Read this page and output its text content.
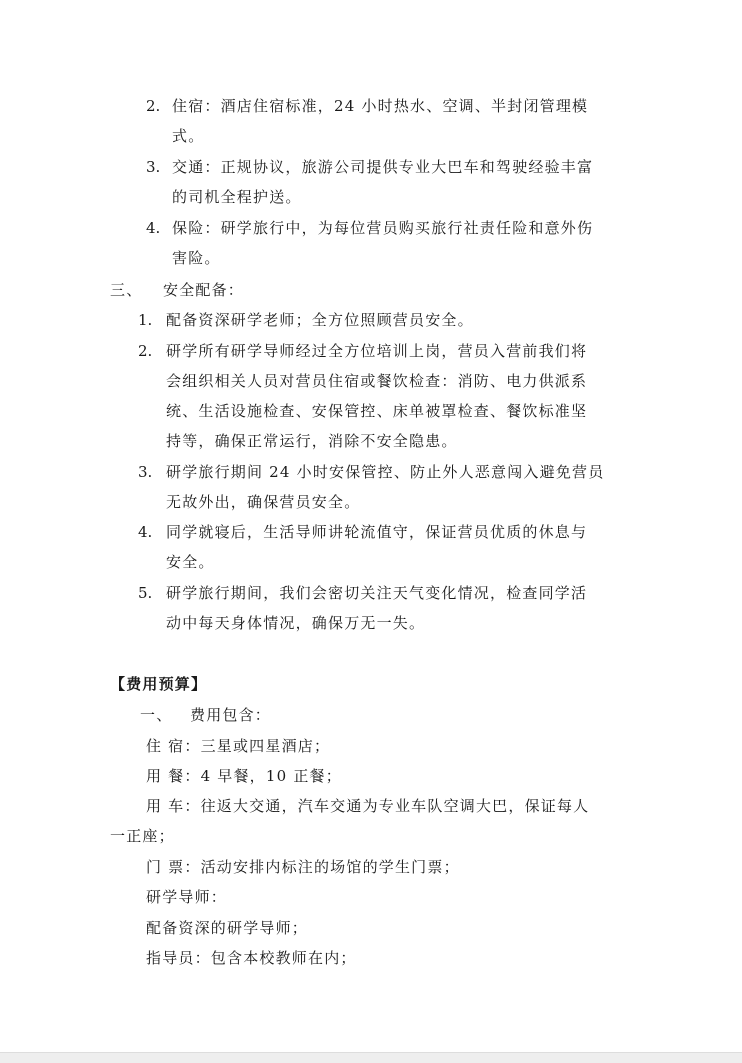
2. 住宿：酒店住宿标准，24 小时热水、空调、半封闭管理模
式。
3. 交通：正规协议，旅游公司提供专业大巴车和驾驶经验丰富
的司机全程护送。
4. 保险：研学旅行中，为每位营员购买旅行社责任险和意外伤
害险。
三、 安全配备：
1. 配备资深研学老师；全方位照顾营员安全。
2. 研学所有研学导师经过全方位培训上岗，营员入营前我们将
会组织相关人员对营员住宿或餐饮检查：消防、电力供派系
统、生活设施检查、安保管控、床单被罩检查、餐饮标准坚
持等，确保正常运行，消除不安全隐患。
3. 研学旅行期间 24 小时安保管控、防止外人恶意闯入避免营员
无故外出，确保营员安全。
4. 同学就寝后，生活导师讲轮流值守，保证营员优质的休息与
安全。
5. 研学旅行期间，我们会密切关注天气变化情况，检查同学活
动中每天身体情况，确保万无一失。
【费用预算】
一、 费用包含：
住 宿：三星或四星酒店；
用 餐：4 早餐，10 正餐；
用 车：往返大交通，汽车交通为专业车队空调大巴，保证每人
一正座；
门 票：活动安排内标注的场馆的学生门票；
研学导师：
配备资深的研学导师；
指导员：包含本校教师在内；
